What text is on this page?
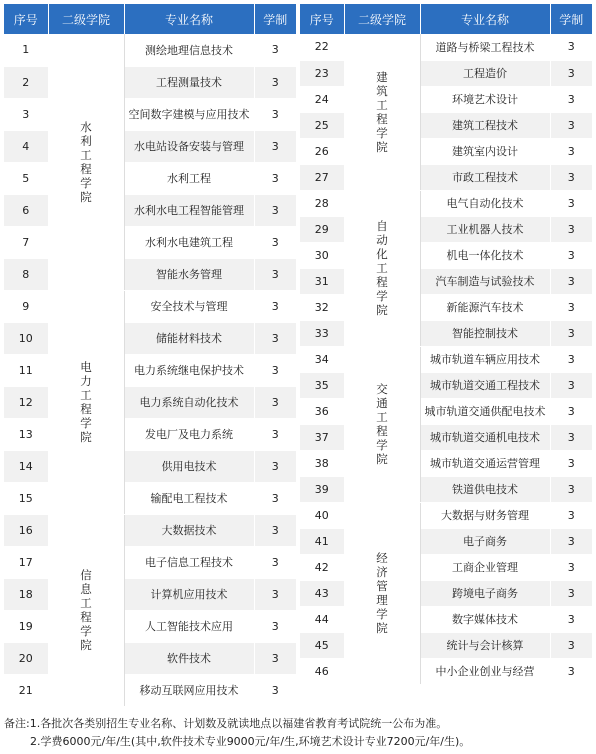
序号	二级学院	专业名称	学制
1	水利工程学院	测绘地理信息技术	3
2		工程测量技术	3
3		空间数字建模与应用技术	3
4		水电站设备安装与管理	3
5		水利工程	3
6		水利水电工程智能管理	3
7		水利水电建筑工程	3
8		智能水务管理	3
9	电力工程学院	安全技术与管理	3
10		储能材料技术	3
11		电力系统继电保护技术	3
12		电力系统自动化技术	3
13		发电厂及电力系统	3
14		供用电技术	3
15		输配电工程技术	3
16	信息工程学院	大数据技术	3
17		电子信息工程技术	3
18		计算机应用技术	3
19		人工智能技术应用	3
20		软件技术	3
21		移动互联网应用技术	3
序号	二级学院	专业名称	学制
22	建筑工程学院	道路与桥梁工程技术	3
23		工程造价	3
24		环境艺术设计	3
25		建筑工程技术	3
26		建筑室内设计	3
27		市政工程技术	3
28	自动化工程学院	电气自动化技术	3
29		工业机器人技术	3
30		机电一体化技术	3
31		汽车制造与试验技术	3
32		新能源汽车技术	3
33		智能控制技术	3
34	交通工程学院	城市轨道车辆应用技术	3
35		城市轨道交通工程技术	3
36		城市轨道交通供配电技术	3
37		城市轨道交通机电技术	3
38		城市轨道交通运营管理	3
39		铁道供电技术	3
40	经济管理学院	大数据与财务管理	3
41		电子商务	3
42		工商企业管理	3
43		跨境电子商务	3
44		数字媒体技术	3
45		统计与会计核算	3
46		中小企业创业与经营	3
备注:1.各批次各类别招生专业名称、计划数及就读地点以福建省教育考试院统一公布为准。
2.学费6000元/年/生(其中,软件技术专业9000元/年/生,环境艺术设计专业7200元/年/生)。
